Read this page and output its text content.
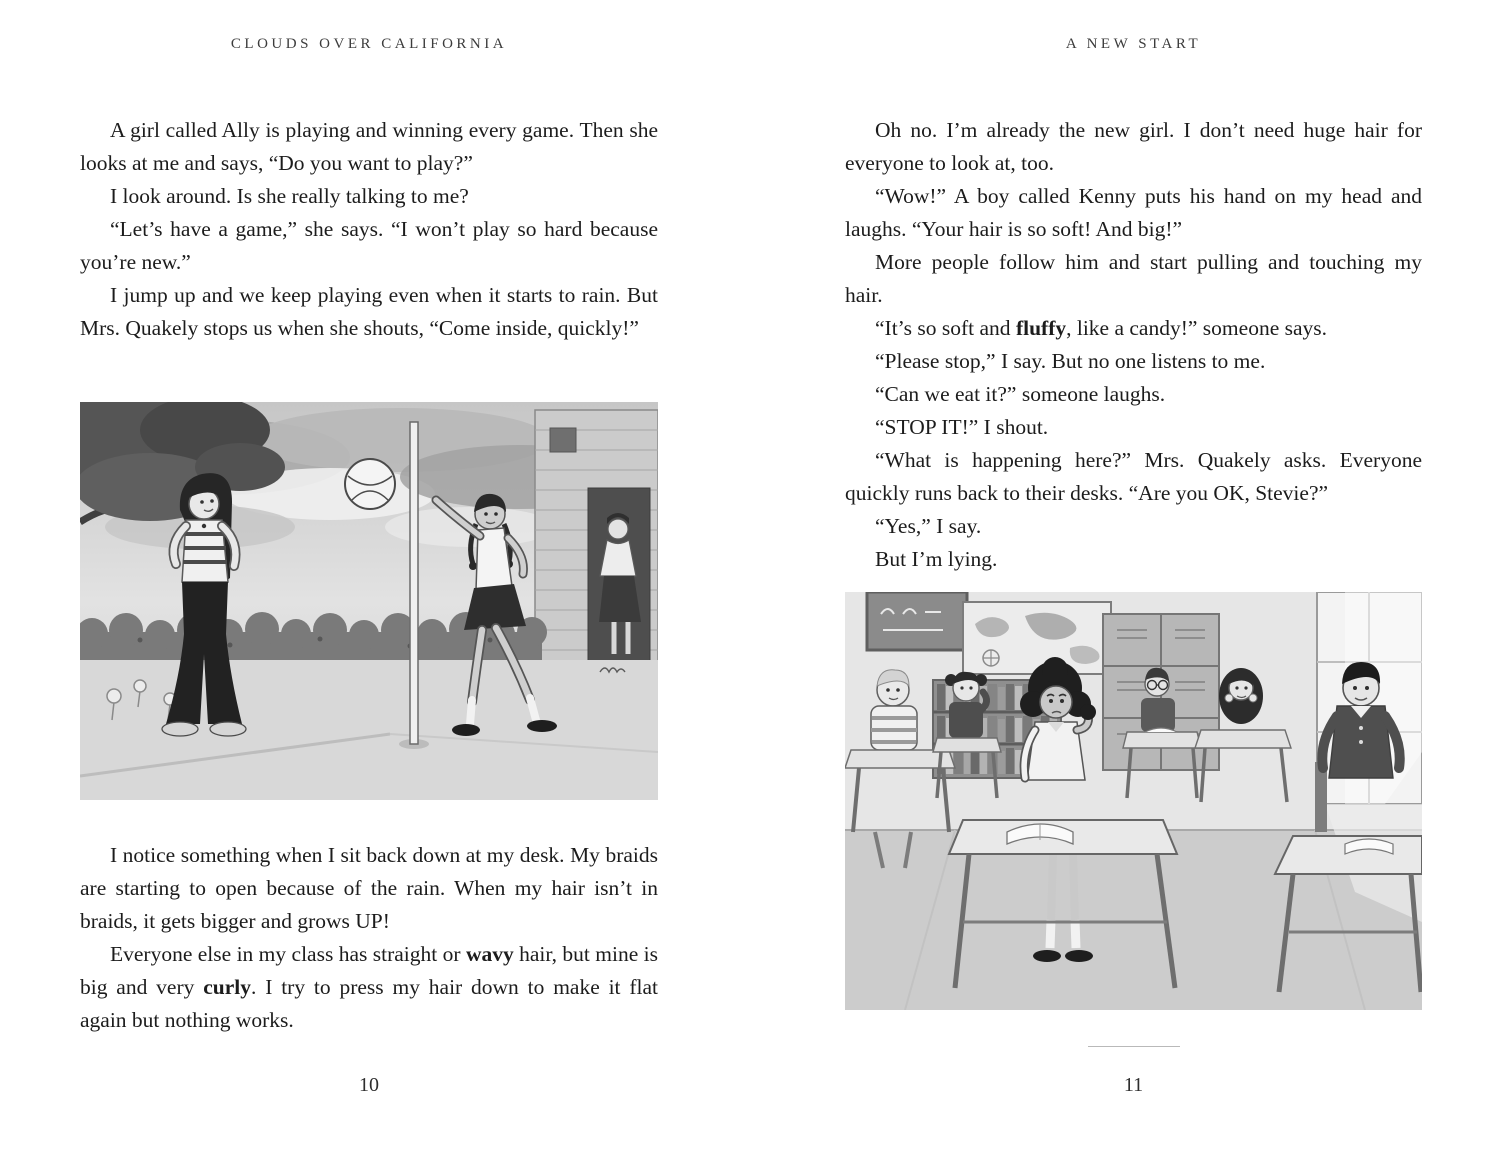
CLOUDS OVER CALIFORNIA

A girl called Ally is playing and winning every game. Then she looks at me and says, “Do you want to play?”

I look around. Is she really talking to me?

“Let’s have a game,” she says. “I won’t play so hard because you’re new.”

I jump up and we keep playing even when it starts to rain. But Mrs. Quakely stops us when she shouts, “Come inside, quickly!”

I notice something when I sit back down at my desk. My braids are starting to open because of the rain. When my hair isn’t in braids, it gets bigger and grows UP!

Everyone else in my class has straight or wavy hair, but mine is big and very curly. I try to press my hair down to make it flat again but nothing works.

10
A NEW START

Oh no. I’m already the new girl. I don’t need huge hair for everyone to look at, too.

“Wow!” A boy called Kenny puts his hand on my head and laughs. “Your hair is so soft! And big!”

More people follow him and start pulling and touching my hair.

“It’s so soft and fluffy, like a candy!” someone says.

“Please stop,” I say. But no one listens to me.

“Can we eat it?” someone laughs.

“STOP IT!” I shout.

“What is happening here?” Mrs. Quakely asks. Everyone quickly runs back to their desks. “Are you OK, Stevie?”

“Yes,” I say.

But I’m lying.

11
